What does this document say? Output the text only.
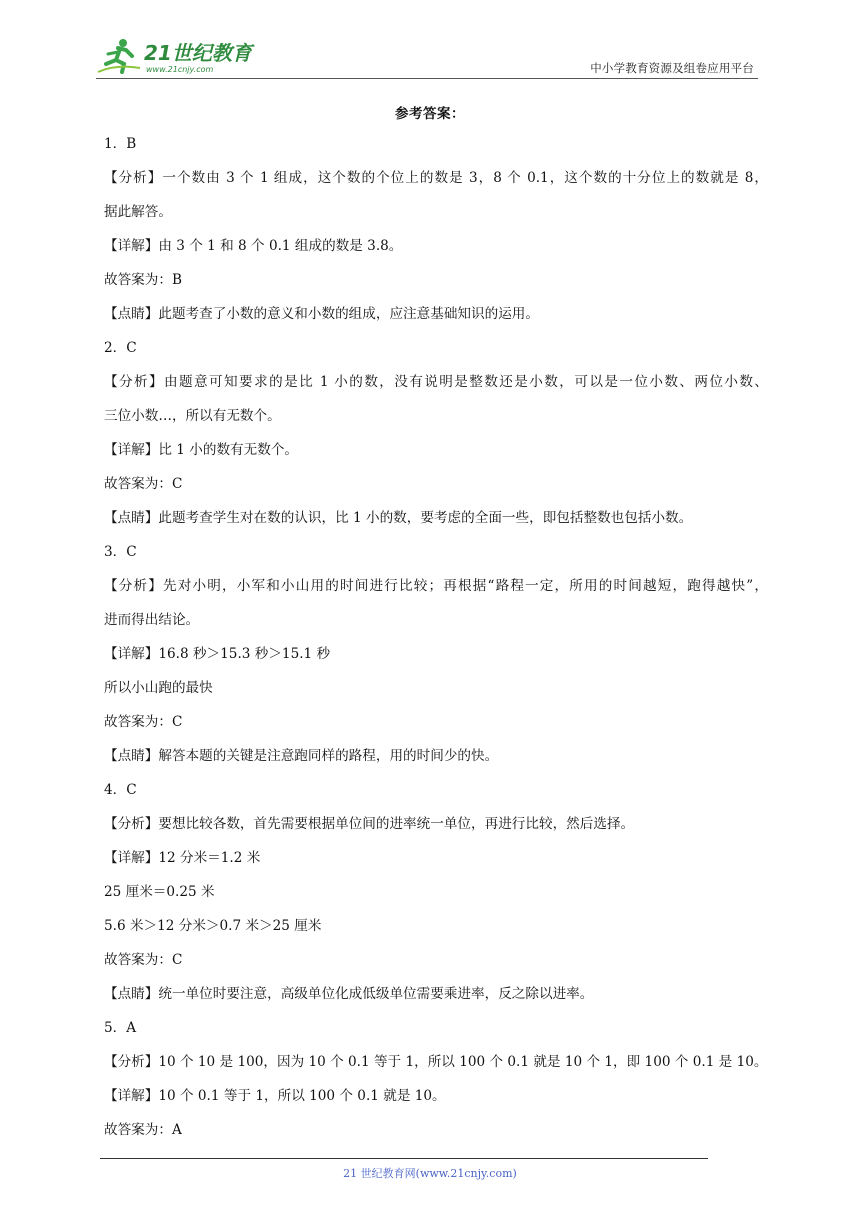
21世纪教育
www.21cnjy.com	中小学教育资源及组卷应用平台
参考答案：
1．B
【分析】一个数由 3 个 1 组成，这个数的个位上的数是 3，8 个 0.1，这个数的十分位上的数就是 8，
据此解答。
【详解】由 3 个 1 和 8 个 0.1 组成的数是 3.8。
故答案为：B
【点睛】此题考查了小数的意义和小数的组成，应注意基础知识的运用。
2．C
【分析】由题意可知要求的是比 1 小的数，没有说明是整数还是小数，可以是一位小数、两位小数、
三位小数…，所以有无数个。
【详解】比 1 小的数有无数个。
故答案为：C
【点睛】此题考查学生对在数的认识，比 1 小的数，要考虑的全面一些，即包括整数也包括小数。
3．C
【分析】先对小明，小军和小山用的时间进行比较；再根据“路程一定，所用的时间越短，跑得越快”，
进而得出结论。
【详解】16.8 秒＞15.3 秒＞15.1 秒
所以小山跑的最快
故答案为：C
【点睛】解答本题的关键是注意跑同样的路程，用的时间少的快。
4．C
【分析】要想比较各数，首先需要根据单位间的进率统一单位，再进行比较，然后选择。
【详解】12 分米＝1.2 米
25 厘米＝0.25 米
5.6 米＞12 分米＞0.7 米＞25 厘米
故答案为：C
【点睛】统一单位时要注意，高级单位化成低级单位需要乘进率，反之除以进率。
5．A
【分析】10 个 10 是 100，因为 10 个 0.1 等于 1，所以 100 个 0.1 就是 10 个 1，即 100 个 0.1 是 10。
【详解】10 个 0.1 等于 1，所以 100 个 0.1 就是 10。
故答案为：A
21 世纪教育网(www.21cnjy.com)
